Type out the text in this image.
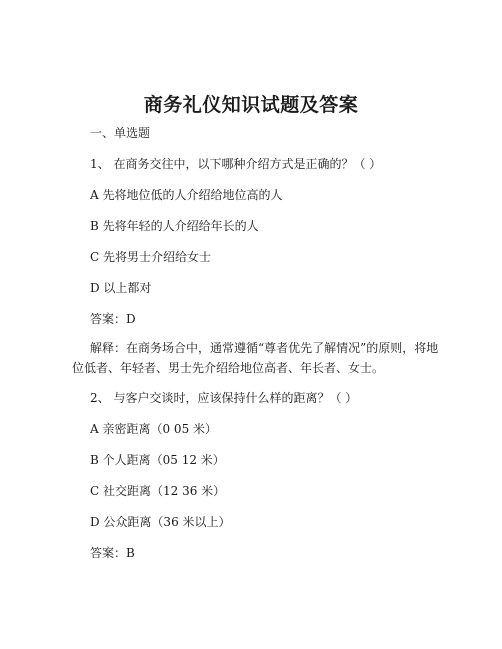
商务礼仪知识试题及答案
一、单选题
1、 在商务交往中，以下哪种介绍方式是正确的？（ ）
A 先将地位低的人介绍给地位高的人
B 先将年轻的人介绍给年长的人
C 先将男士介绍给女士
D 以上都对
答案：D
解释：在商务场合中，通常遵循“尊者优先了解情况”的原则，将地位低者、年轻者、男士先介绍给地位高者、年长者、女士。
2、 与客户交谈时，应该保持什么样的距离？（ ）
A 亲密距离（0 05 米）
B 个人距离（05 12 米）
C 社交距离（12 36 米）
D 公众距离（36 米以上）
答案：B
